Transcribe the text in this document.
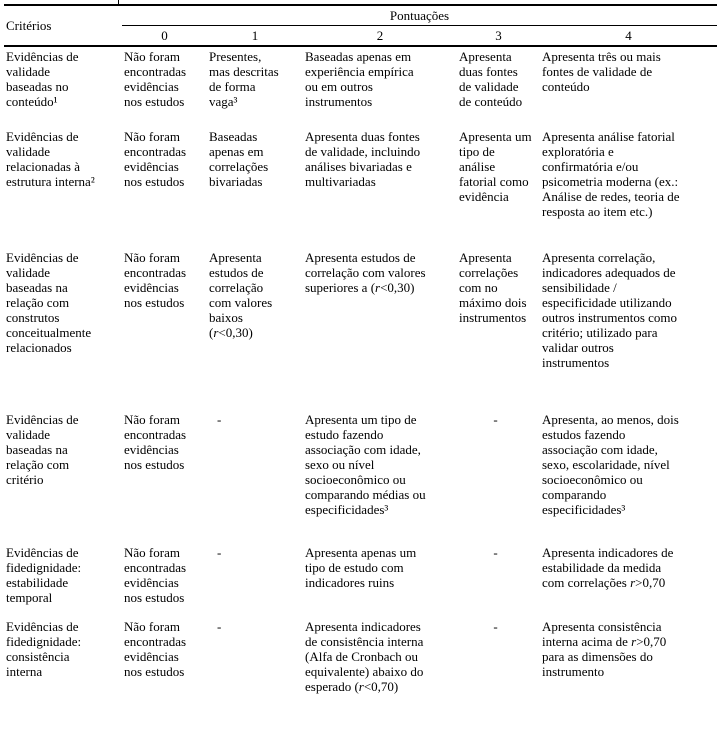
Critérios	Pontuações				
	0	1	2	3	4
Evidências de validade baseadas no conteúdo¹	Não foram encontradas evidências nos estudos	Presentes, mas descritas de forma vaga³	Baseadas apenas em experiência empírica ou em outros instrumentos	Apresenta duas fontes de validade de conteúdo	Apresenta três ou mais fontes de validade de conteúdo
Evidências de validade relacionadas à estrutura interna²	Não foram encontradas evidências nos estudos	Baseadas apenas em correlações bivariadas	Apresenta duas fontes de validade, incluindo análises bivariadas e multivariadas	Apresenta um tipo de análise fatorial como evidência	Apresenta análise fatorial exploratória e confirmatória e/ou psicometria moderna (ex.: Análise de redes, teoria de resposta ao item etc.)
Evidências de validade baseadas na relação com construtos conceitualmente relacionados	Não foram encontradas evidências nos estudos	Apresenta estudos de correlação com valores baixos (r<0,30)	Apresenta estudos de correlação com valores superiores a (r<0,30)	Apresenta correlações com no máximo dois instrumentos	Apresenta correlação, indicadores adequados de sensibilidade / especificidade utilizando outros instrumentos como critério; utilizado para validar outros instrumentos
Evidências de validade baseadas na relação com critério	Não foram encontradas evidências nos estudos	-	Apresenta um tipo de estudo fazendo associação com idade, sexo ou nível socioeconômico ou comparando médias ou especificidades³	-	Apresenta, ao menos, dois estudos fazendo associação com idade, sexo, escolaridade, nível socioeconômico ou comparando especificidades³
Evidências de fidedignidade: estabilidade temporal	Não foram encontradas evidências nos estudos	-	Apresenta apenas um tipo de estudo com indicadores ruins	-	Apresenta indicadores de estabilidade da medida com correlações r>0,70
Evidências de fidedignidade: consistência interna	Não foram encontradas evidências nos estudos	-	Apresenta indicadores de consistência interna (Alfa de Cronbach ou equivalente) abaixo do esperado (r<0,70)	-	Apresenta consistência interna acima de r>0,70 para as dimensões do instrumento
